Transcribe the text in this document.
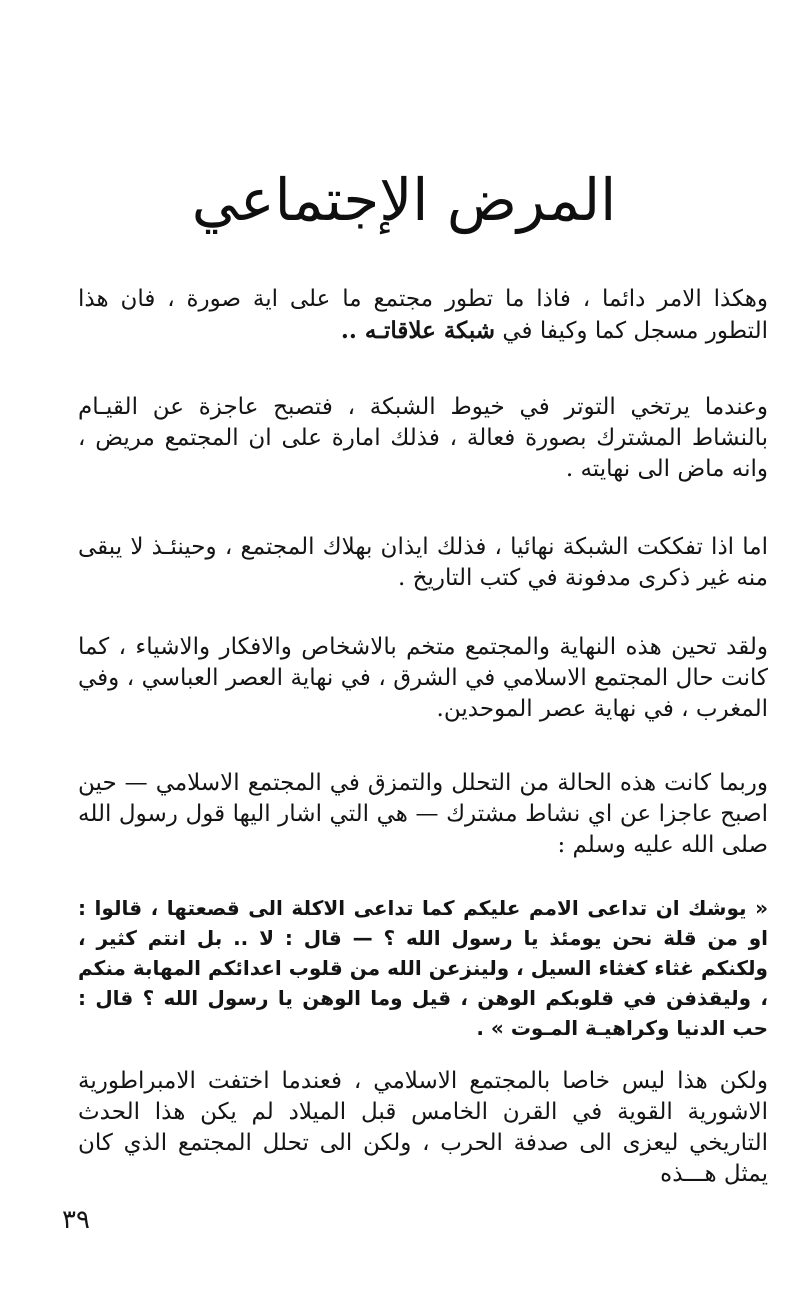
المرض الإجتماعي

وهكذا الامر دائما ، فاذا ما تطور مجتمع ما على اية صورة ، فان هذا التطور مسجل كما وكيفا في شبكة علاقاتـه ..

وعندما يرتخي التوتر في خيوط الشبكة ، فتصبح عاجزة عن القيـام بالنشاط المشترك بصورة فعالة ، فذلك امارة على ان المجتمع مريض ، وانه ماض الى نهايته .

اما اذا تفككت الشبكة نهائيا ، فذلك ايذان بهلاك المجتمع ، وحينئـذ لا يبقى منه غير ذكرى مدفونة في كتب التاريخ .

ولقد تحين هذه النهاية والمجتمع متخم بالاشخاص والافكار والاشياء ، كما كانت حال المجتمع الاسلامي في الشرق ، في نهاية العصر العباسي ، وفي المغرب ، في نهاية عصر الموحدين.

وربما كانت هذه الحالة من التحلل والتمزق في المجتمع الاسلامي — حين اصبح عاجزا عن اي نشاط مشترك — هي التي اشار اليها قول رسول الله صلى الله عليه وسلم :

« يوشك ان تداعى الامم عليكم كما تداعى الاكلة الى قصعتها ، قالوا : او من قلة نحن يومئذ يا رسول الله ؟ — قال : لا .. بل انتم كثير ، ولكنكم غثاء كغثاء السيل ، ولينزعن الله من قلوب اعدائكم المهابة منكم ، وليقذفن في قلوبكم الوهن ، قيل وما الوهن يا رسول الله ؟ قال : حب الدنيا وكراهيـة المـوت » .

ولكن هذا ليس خاصا بالمجتمع الاسلامي ، فعندما اختفت الامبراطورية الاشورية القوية في القرن الخامس قبل الميلاد لم يكن هذا الحدث التاريخي ليعزى الى صدفة الحرب ، ولكن الى تحلل المجتمع الذي كان يمثل هـــذه

٣٩
